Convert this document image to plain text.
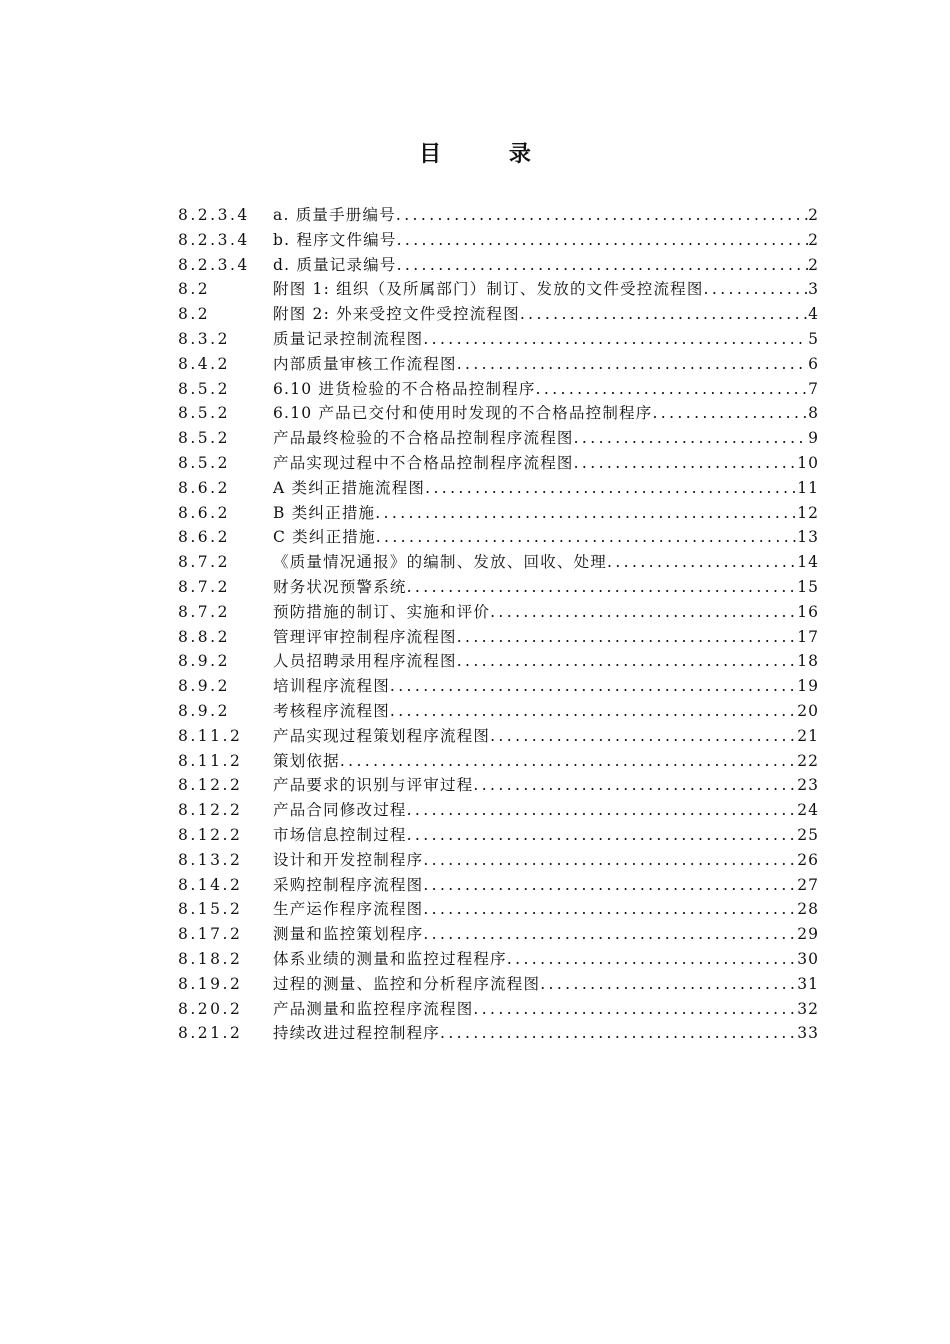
目 录
8.2.3.4	a. 质量手册编号 .....	2
8.2.3.4	b. 程序文件编号 .....	2
8.2.3.4	d. 质量记录编号 .....	2
8.2	附图 1: 组织（及所属部门）制订、发放的文件受控流程图 .....	3
8.2	附图 2: 外来受控文件受控流程图 .....	4
8.3.2	质量记录控制流程图 .....	5
8.4.2	内部质量审核工作流程图 .....	6
8.5.2	6.10 进货检验的不合格品控制程序 .....	7
8.5.2	6.10 产品已交付和使用时发现的不合格品控制程序 .....	8
8.5.2	产品最终检验的不合格品控制程序流程图 .....	9
8.5.2	产品实现过程中不合格品控制程序流程图 .....	10
8.6.2	A 类纠正措施流程图 .....	11
8.6.2	B 类纠正措施 .....	12
8.6.2	C 类纠正措施 .....	13
8.7.2	《质量情况通报》的编制、发放、回收、处理 .....	14
8.7.2	财务状况预警系统 .....	15
8.7.2	预防措施的制订、实施和评价 .....	16
8.8.2	管理评审控制程序流程图 .....	17
8.9.2	人员招聘录用程序流程图 .....	18
8.9.2	培训程序流程图 .....	19
8.9.2	考核程序流程图 .....	20
8.11.2	产品实现过程策划程序流程图 .....	21
8.11.2	策划依据 .....	22
8.12.2	产品要求的识别与评审过程 .....	23
8.12.2	产品合同修改过程 .....	24
8.12.2	市场信息控制过程 .....	25
8.13.2	设计和开发控制程序 .....	26
8.14.2	采购控制程序流程图 .....	27
8.15.2	生产运作程序流程图 .....	28
8.17.2	测量和监控策划程序 .....	29
8.18.2	体系业绩的测量和监控过程程序 .....	30
8.19.2	过程的测量、监控和分析程序流程图 .....	31
8.20.2	产品测量和监控程序流程图 .....	32
8.21.2	持续改进过程控制程序 .....	33
